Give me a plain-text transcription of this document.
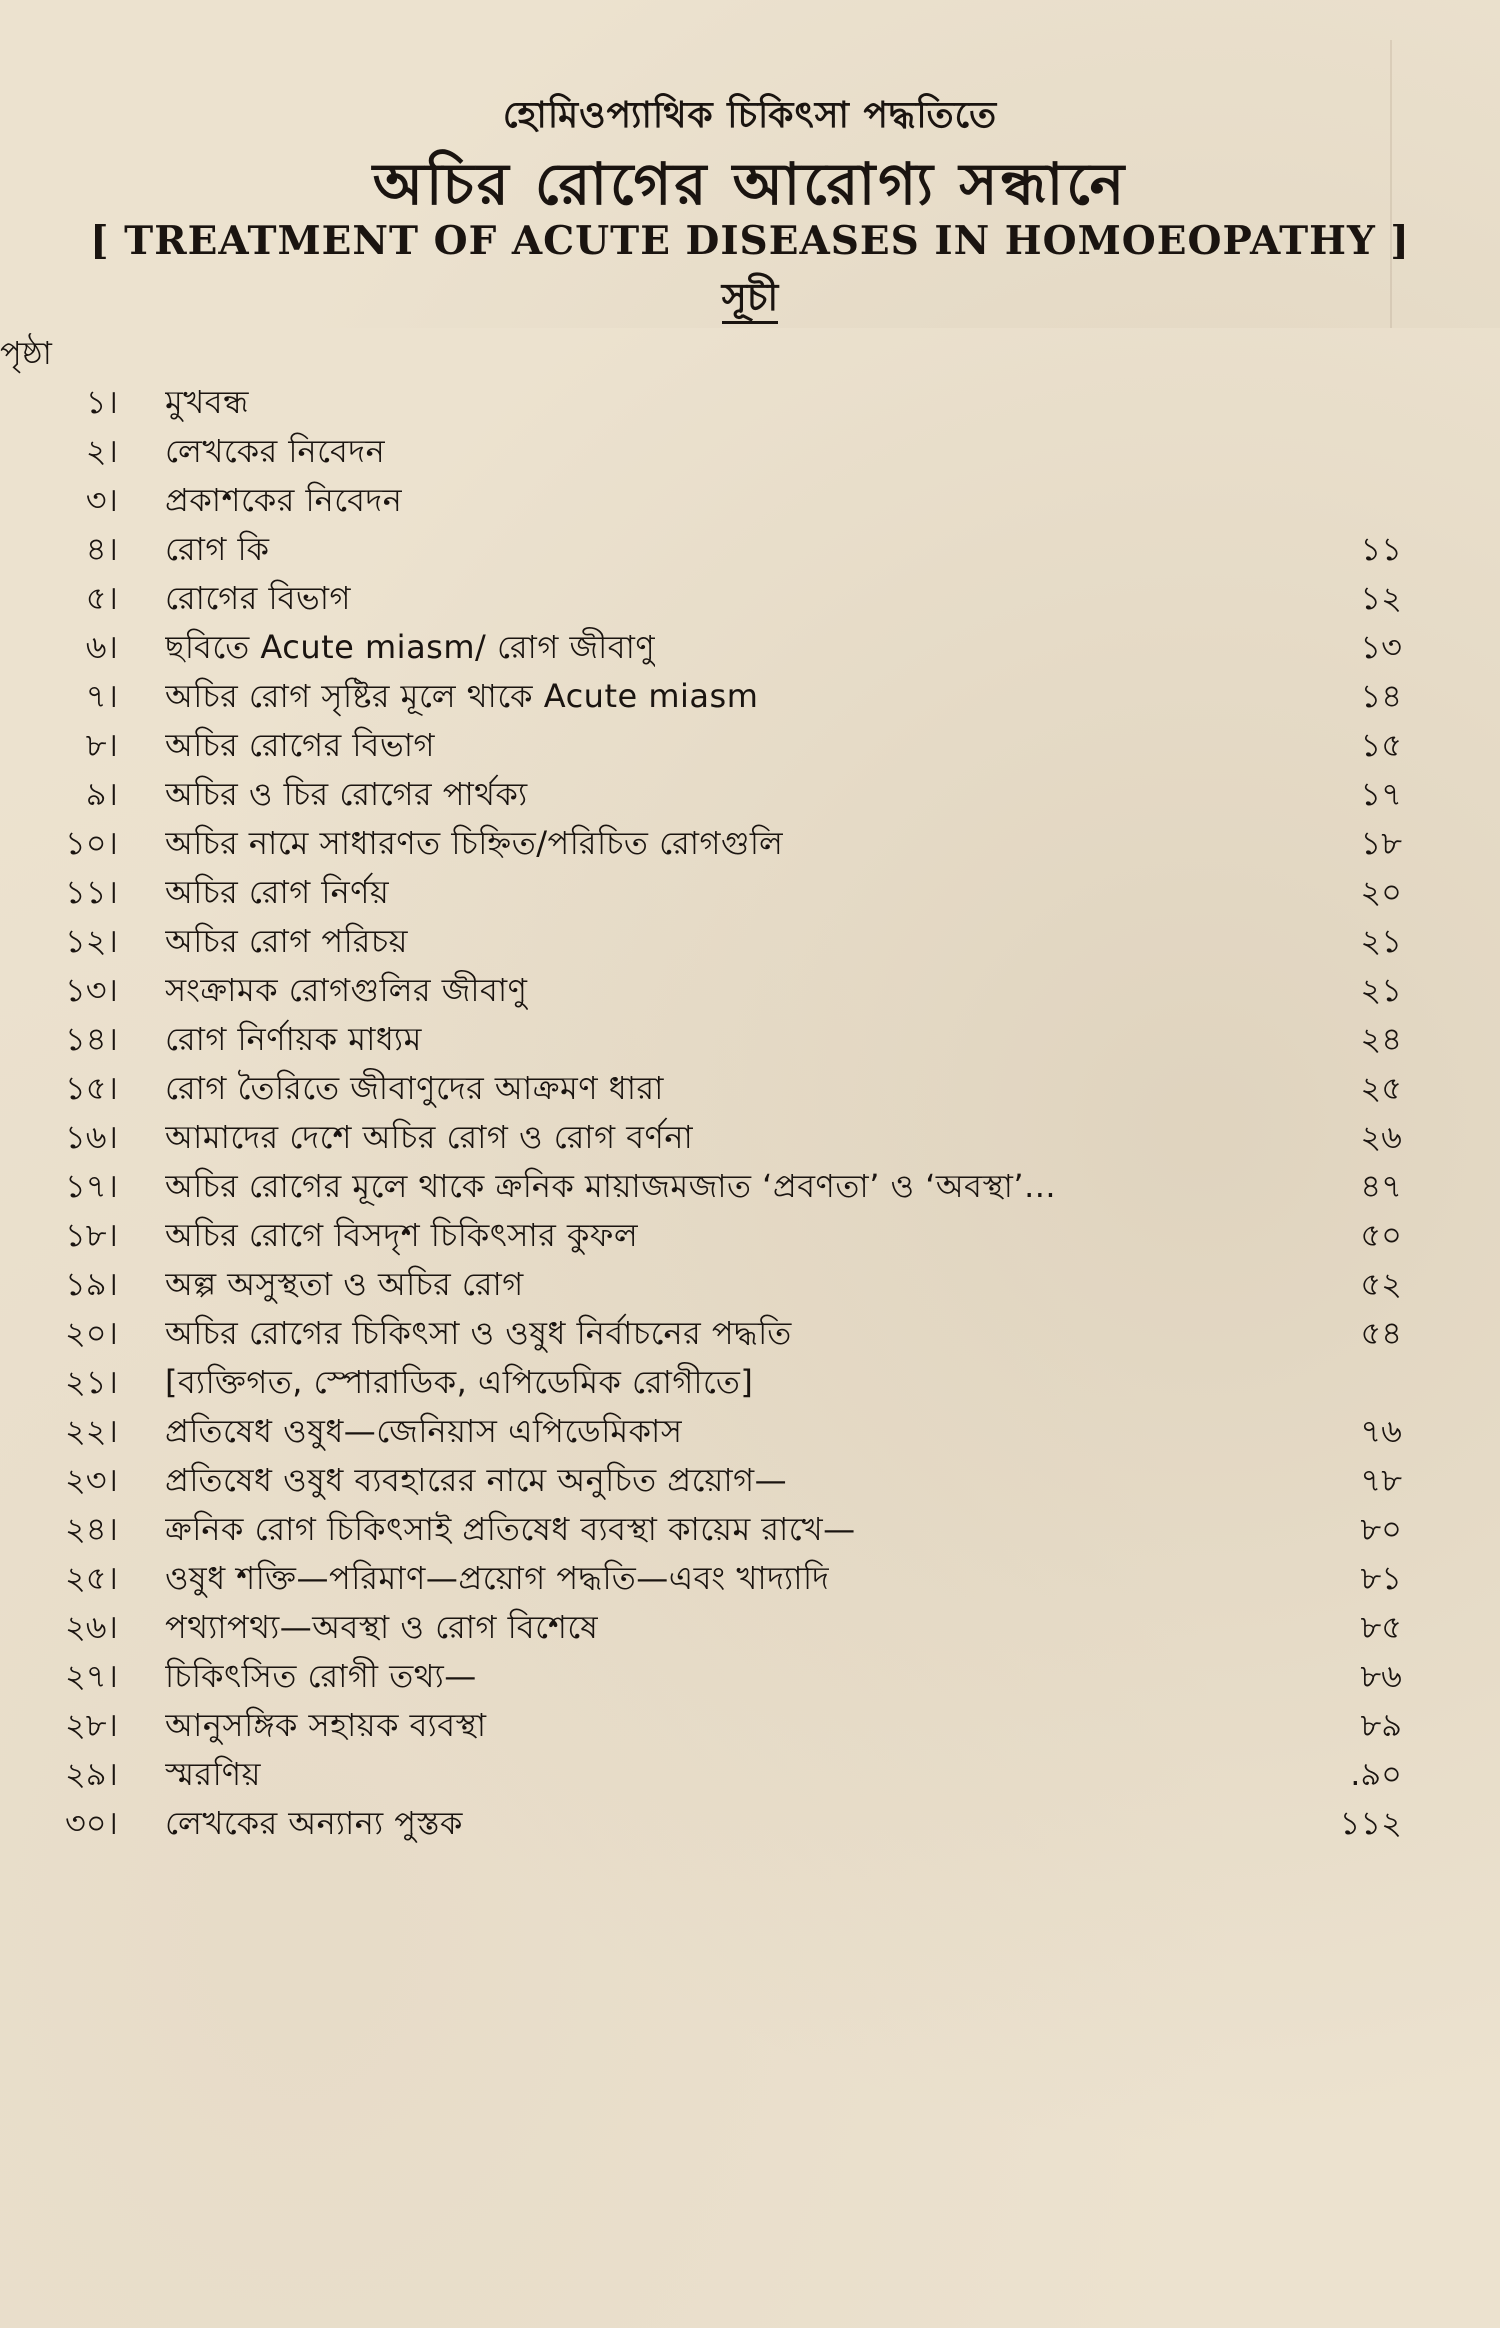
হোমিওপ্যাথিক চিকিৎসা পদ্ধতিতে
অচির রোগের আরোগ্য সন্ধানে
[ TREATMENT OF ACUTE DISEASES IN HOMOEOPATHY ]
সূচী
পৃষ্ঠা
১। মুখবন্ধ
২। লেখকের নিবেদন
৩। প্রকাশকের নিবেদন
৪। রোগ কি	১১
৫। রোগের বিভাগ	১২
৬। ছবিতে Acute miasm/ রোগ জীবাণু	১৩
৭। অচির রোগ সৃষ্টির মূলে থাকে Acute miasm	১৪
৮। অচির রোগের বিভাগ	১৫
৯। অচির ও চির রোগের পার্থক্য	১৭
১০। অচির নামে সাধারণত চিহ্নিত/পরিচিত রোগগুলি	১৮
১১। অচির রোগ নির্ণয়	২০
১২। অচির রোগ পরিচয়	২১
১৩। সংক্রামক রোগগুলির জীবাণু	২১
১৪। রোগ নির্ণায়ক মাধ্যম	২৪
১৫। রোগ তৈরিতে জীবাণুদের আক্রমণ ধারা	২৫
১৬। আমাদের দেশে অচির রোগ ও রোগ বর্ণনা	২৬
১৭। অচির রোগের মূলে থাকে ক্রনিক মায়াজমজাত ‘প্রবণতা’ ও ‘অবস্থা’...	৪৭
১৮। অচির রোগে বিসদৃশ চিকিৎসার কুফল	৫০
১৯। অল্প অসুস্থতা ও অচির রোগ	৫২
২০। অচির রোগের চিকিৎসা ও ওষুধ নির্বাচনের পদ্ধতি	৫৪
২১। [ব্যক্তিগত, স্পোরাডিক, এপিডেমিক রোগীতে]
২২। প্রতিষেধ ওষুধ—জেনিয়াস এপিডেমিকাস	৭৬
২৩। প্রতিষেধ ওষুধ ব্যবহারের নামে অনুচিত প্রয়োগ—	৭৮
২৪। ক্রনিক রোগ চিকিৎসাই প্রতিষেধ ব্যবস্থা কায়েম রাখে—	৮০
২৫। ওষুধ শক্তি—পরিমাণ—প্রয়োগ পদ্ধতি—এবং খাদ্যাদি	৮১
২৬। পথ্যাপথ্য—অবস্থা ও রোগ বিশেষে	৮৫
২৭। চিকিৎসিত রোগী তথ্য—	৮৬
২৮। আনুসঙ্গিক সহায়ক ব্যবস্থা	৮৯
২৯। স্মরণিয়	.৯০
৩০। লেখকের অন্যান্য পুস্তক	১১২
